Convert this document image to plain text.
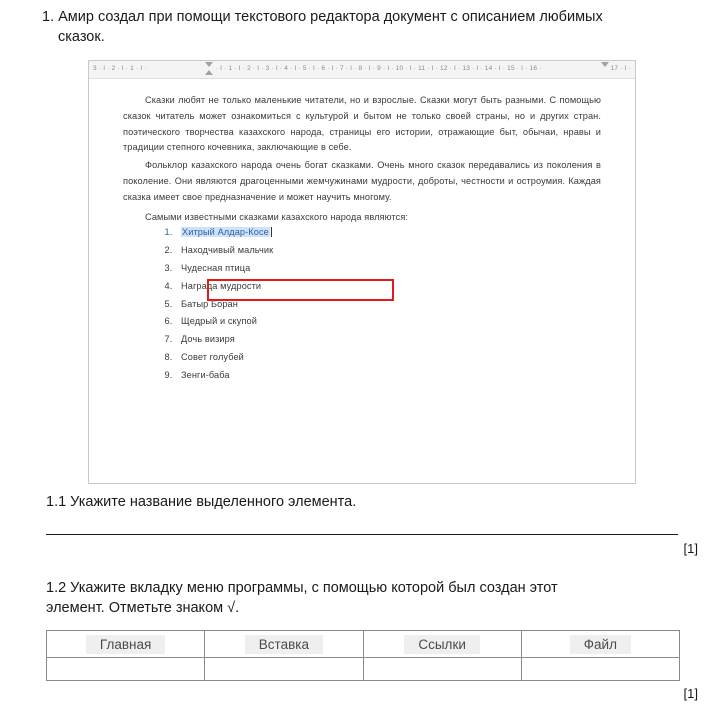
1. Амир создал при помощи текстового редактора документ с описанием любимых
сказок.
3 · I · 2 · I · 1 · I ·	· I · 1 · I · 2 · I · 3 · I · 4 · I · 5 · I · 6 · I · 7 · I · 8 · I · 9 · I · 10 · I · 11 · I · 12 · I · 13 · I · 14 · I · 15 · I · 16 ·	17 · I ·

Сказки любят не только маленькие читатели, но и взрослые. Сказки могут быть разными. С помощью сказок читатель может ознакомиться с культурой и бытом не только своей страны, но и других стран. поэтического творчества казахского народа, страницы его истории, отражающие быт, обычаи, нравы и традиции степного кочевника, заключающие в себе.

Фольклор казахского народа очень богат сказками. Очень много сказок передавались из поколения в поколение. Они являются драгоценными жемчужинами мудрости, доброты, честности и остроумия. Каждая сказка имеет свое предназначение и может научить многому.

Самыми известными сказками казахского народа являются:
1. Хитрый Алдар-Косе
2. Находчивый мальчик
3. Чудесная птица
4. Награда мудрости
5. Батыр Боран
6. Щедрый и скупой
7. Дочь визиря
8. Совет голубей
9. Зенги-баба
1.1 Укажите название выделенного элемента.
[1]
1.2 Укажите вкладку меню программы, с помощью которой был создан этот
элемент. Отметьте знаком √.
Главная	Вставка	Ссылки	Файл

[1]
